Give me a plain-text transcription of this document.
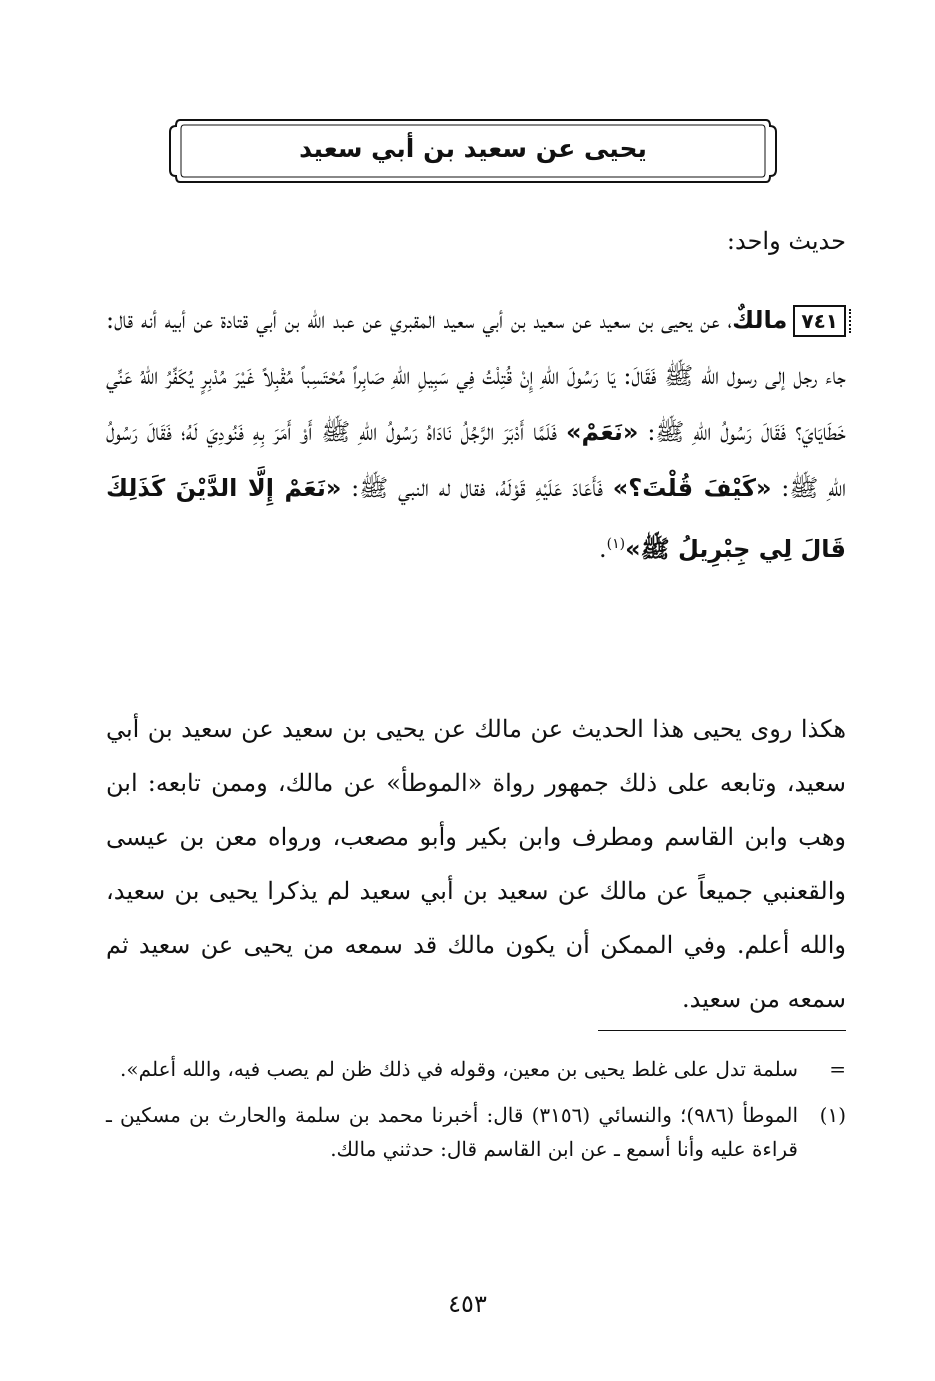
يحيى عن سعيد بن أبي سعيد
حديث واحد:
٧٤١مالكٌ، عن يحيى بن سعيد عن سعيد بن أبي سعيد المقبري عن عبد الله بن أبي قتادة عن أبيه أنه قال: جاء رجل إلى رسول الله ﷺ فَقَالَ: يَا رَسُولَ اللهِ إِنْ قُتِلْتُ فِي سَبِيلِ اللهِ صَابِراً مُحْتَسِباً مُقْبِلاً غَيْرَ مُدْبِرٍ يُكَفِّرُ اللهُ عَنِّي خَطَايَايَ؟ فَقَالَ رَسُولُ اللهِ ﷺ: «نَعَمْ» فَلَمَّا أَدْبَرَ الرَّجُلُ نَادَاهُ رَسُولُ اللهِ ﷺ أَوْ أَمَرَ بِهِ فَنُودِيَ لَهُ؛ فَقَالَ رَسُولُ اللهِ ﷺ: «كَيْفَ قُلْتَ؟» فَأَعَادَ عَلَيْهِ قَوْلَهُ، فقال له النبي ﷺ: «نَعَمْ إِلَّا الدَّيْنَ كَذَلِكَ قَالَ لِي جِبْرِيلُ ﷺ»$^{(١)}$.
هكذا روى يحيى هذا الحديث عن مالك عن يحيى بن سعيد عن سعيد بن أبي سعيد، وتابعه على ذلك جمهور رواة «الموطأ» عن مالك، وممن تابعه: ابن وهب وابن القاسم ومطرف وابن بكير وأبو مصعب، ورواه معن بن عيسى والقعنبي جميعاً عن مالك عن سعيد بن أبي سعيد لم يذكرا يحيى بن سعيد، والله أعلم. وفي الممكن أن يكون مالك قد سمعه من يحيى عن سعيد ثم سمعه من سعيد.
=
سلمة تدل على غلط يحيى بن معين، وقوله في ذلك ظن لم يصب فيه، والله أعلم».
(١)
الموطأ (٩٨٦)؛ والنسائي (٣١٥٦) قال: أخبرنا محمد بن سلمة والحارث بن مسكين ـ قراءة عليه وأنا أسمع ـ عن ابن القاسم قال: حدثني مالك.
٤٥٣
